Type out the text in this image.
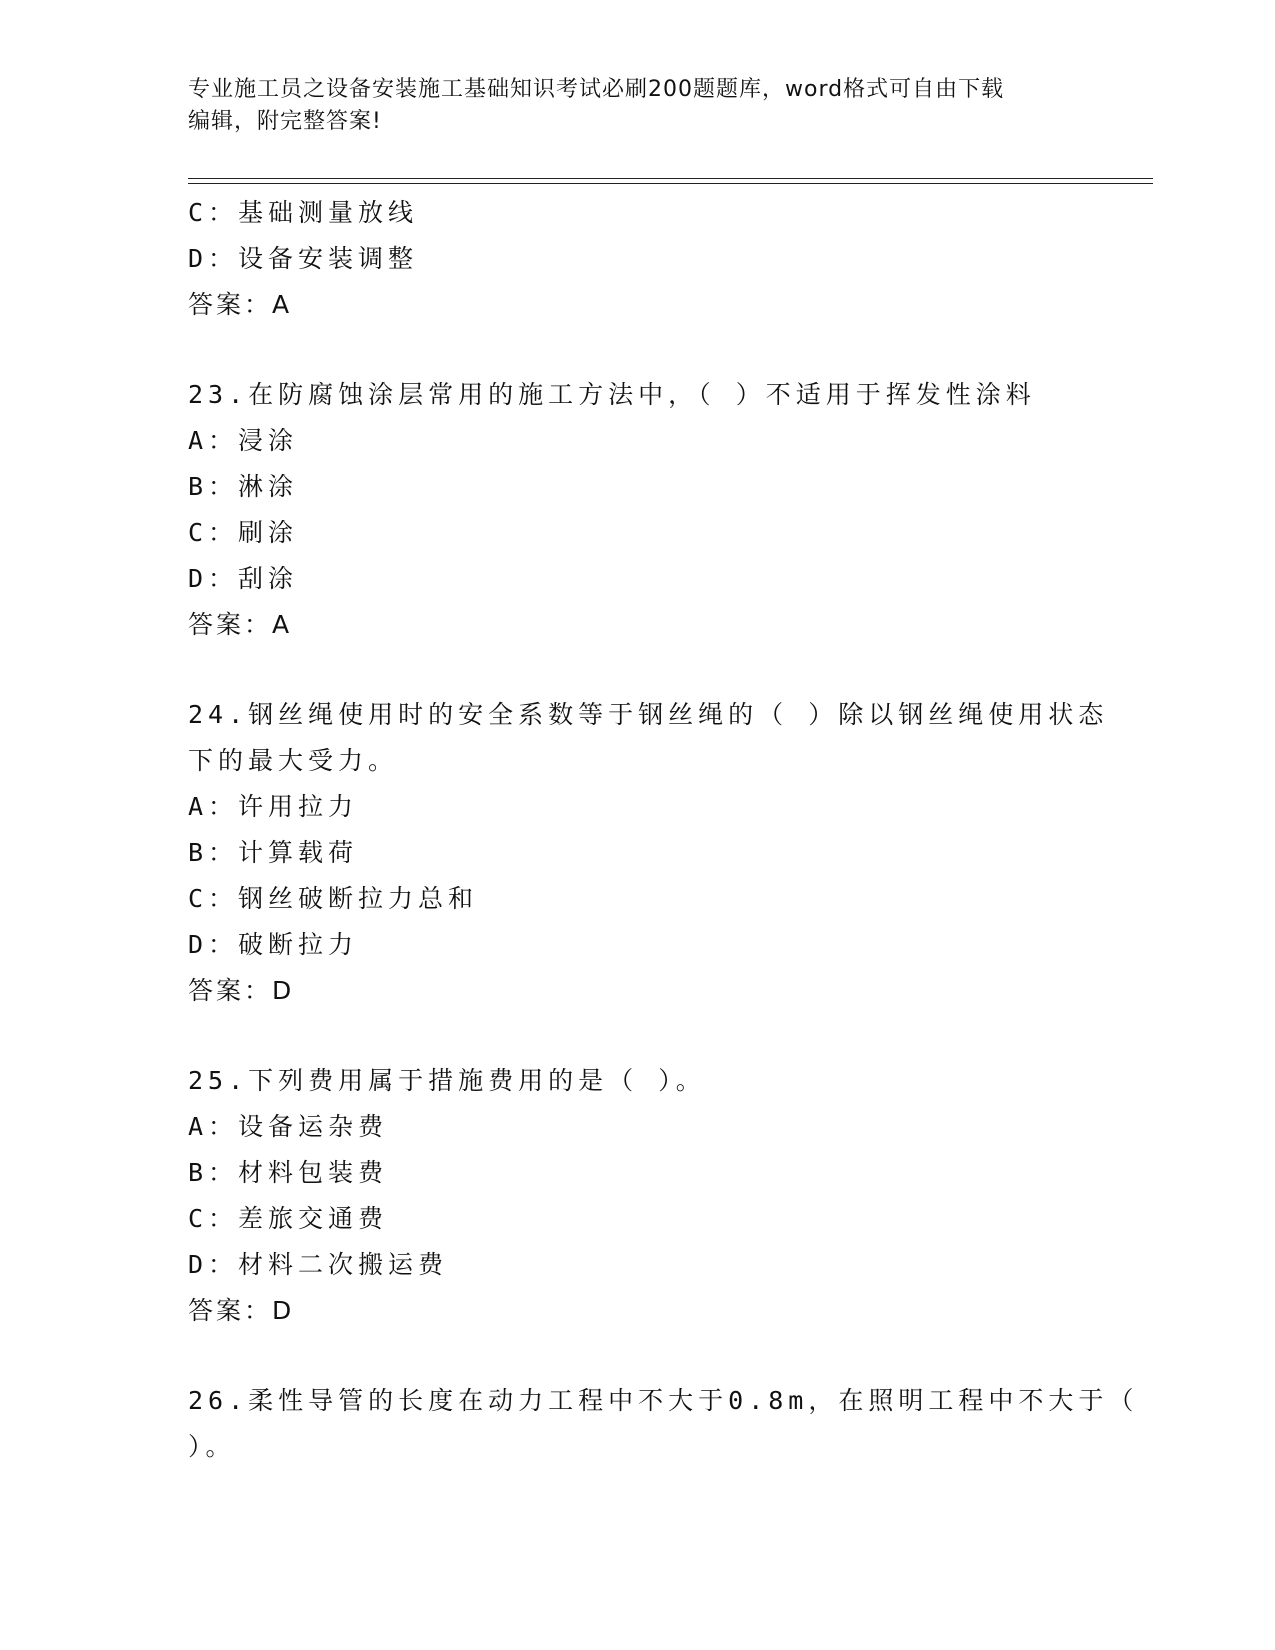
专业施工员之设备安装施工基础知识考试必刷200题题库，word格式可自由下载
编辑，附完整答案!
C：基础测量放线
D：设备安装调整
答案：A
23.在防腐蚀涂层常用的施工方法中，（ ）不适用于挥发性涂料
A：浸涂
B：淋涂
C：刷涂
D：刮涂
答案：A
24.钢丝绳使用时的安全系数等于钢丝绳的（ ）除以钢丝绳使用状态
下的最大受力。
A：许用拉力
B：计算载荷
C：钢丝破断拉力总和
D：破断拉力
答案：D
25.下列费用属于措施费用的是（ ）。
A：设备运杂费
B：材料包装费
C：差旅交通费
D：材料二次搬运费
答案：D
26.柔性导管的长度在动力工程中不大于0.8m，在照明工程中不大于（
）。
